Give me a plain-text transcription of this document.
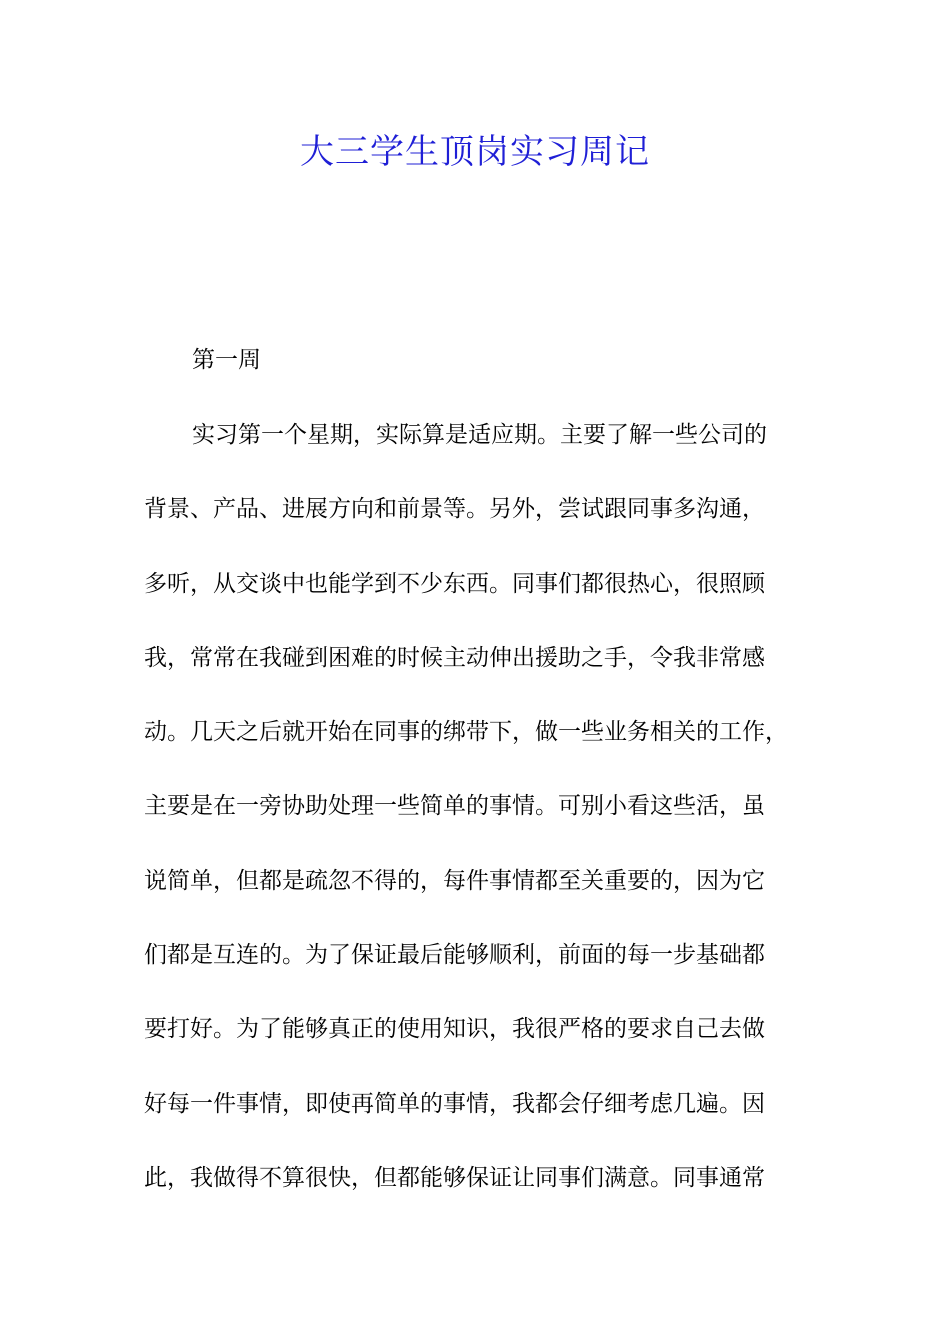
大三学生顶岗实习周记
第一周

实习第一个星期，实际算是适应期。主要了解一些公司的

背景、产品、进展方向和前景等。另外，尝试跟同事多沟通，

多听，从交谈中也能学到不少东西。同事们都很热心，很照顾

我，常常在我碰到困难的时候主动伸出援助之手，令我非常感

动。几天之后就开始在同事的绑带下，做一些业务相关的工作，

主要是在一旁协助处理一些简单的事情。可别小看这些活，虽

说简单，但都是疏忽不得的，每件事情都至关重要的，因为它

们都是互连的。为了保证最后能够顺利，前面的每一步基础都

要打好。为了能够真正的使用知识，我很严格的要求自己去做

好每一件事情，即使再简单的事情，我都会仔细考虑几遍。因

此，我做得不算很快，但都能够保证让同事们满意。同事通常
